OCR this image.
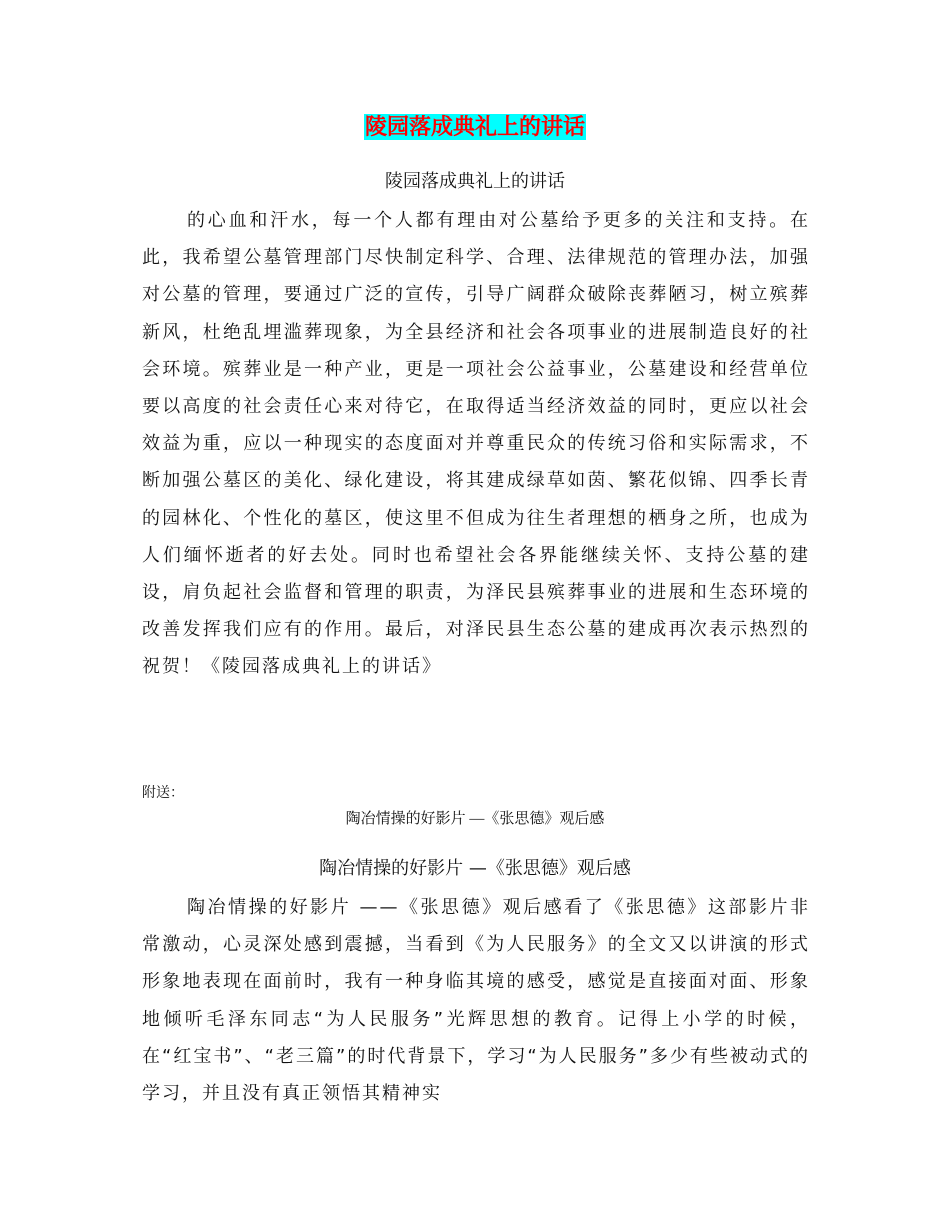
陵园落成典礼上的讲话
陵园落成典礼上的讲话

的心血和汗水，每一个人都有理由对公墓给予更多的关注和支持。在此，我希望公墓管理部门尽快制定科学、合理、法律规范的管理办法，加强对公墓的管理，要通过广泛的宣传，引导广阔群众破除丧葬陋习，树立殡葬新风，杜绝乱埋滥葬现象，为全县经济和社会各项事业的进展制造良好的社会环境。殡葬业是一种产业，更是一项社会公益事业，公墓建设和经营单位要以高度的社会责任心来对待它，在取得适当经济效益的同时，更应以社会效益为重，应以一种现实的态度面对并尊重民众的传统习俗和实际需求，不断加强公墓区的美化、绿化建设，将其建成绿草如茵、繁花似锦、四季长青的园林化、个性化的墓区，使这里不但成为往生者理想的栖身之所，也成为人们缅怀逝者的好去处。同时也希望社会各界能继续关怀、支持公墓的建设，肩负起社会监督和管理的职责，为泽民县殡葬事业的进展和生态环境的改善发挥我们应有的作用。最后，对泽民县生态公墓的建成再次表示热烈的祝贺！《陵园落成典礼上的讲话》

附送：
陶冶情操的好影片 —《张思德》观后感
陶冶情操的好影片 —《张思德》观后感

陶冶情操的好影片 ——《张思德》观后感看了《张思德》这部影片非常激动，心灵深处感到震撼，当看到《为人民服务》的全文又以讲演的形式形象地表现在面前时，我有一种身临其境的感受，感觉是直接面对面、形象地倾听毛泽东同志“为人民服务”光辉思想的教育。记得上小学的时候，在“红宝书”、“老三篇”的时代背景下，学习“为人民服务”多少有些被动式的学习，并且没有真正领悟其精神实
